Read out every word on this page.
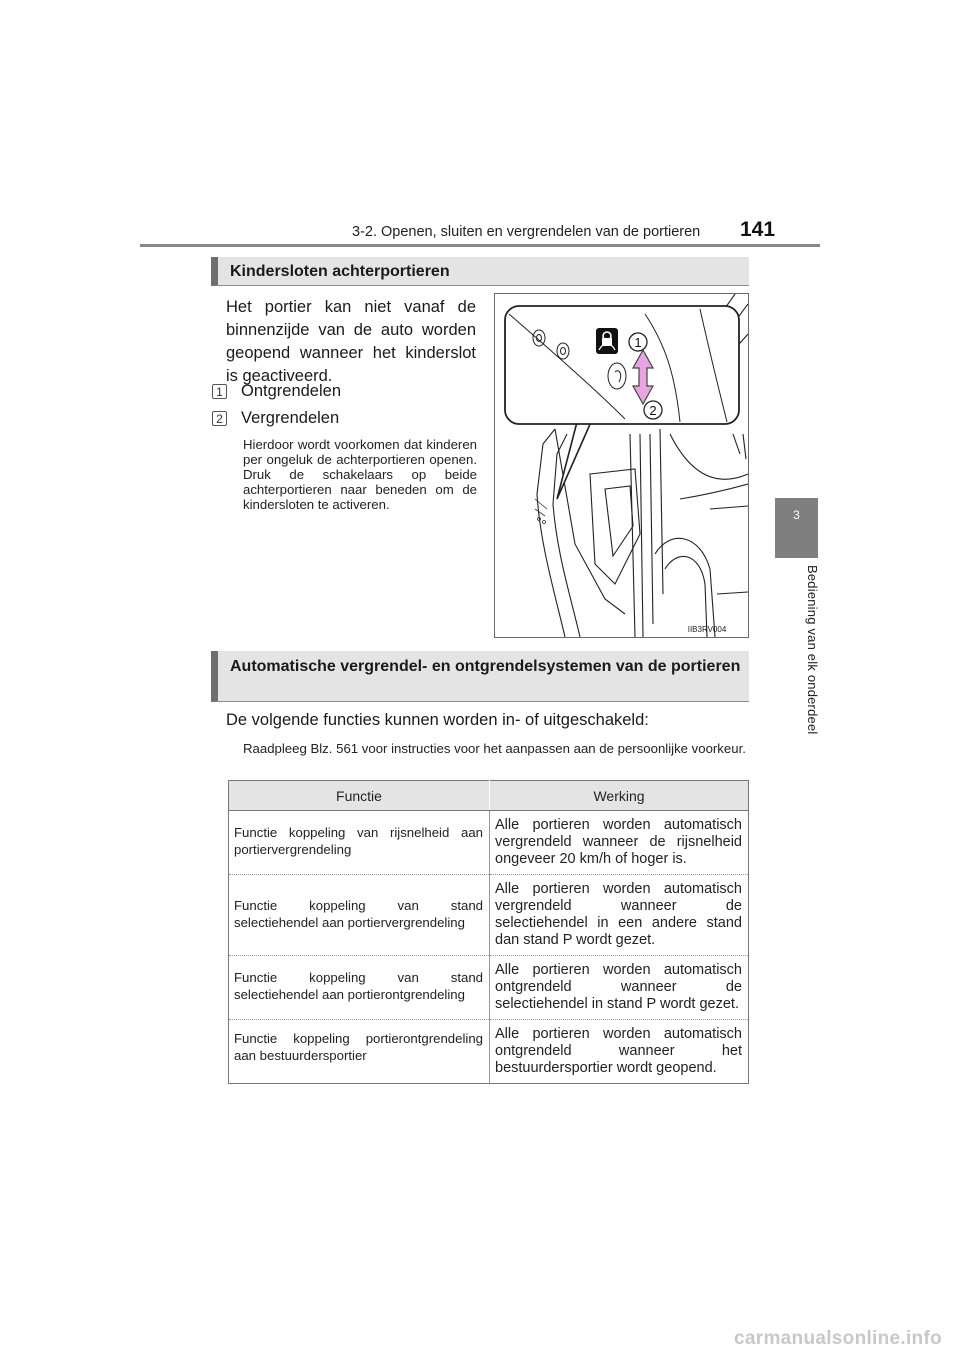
3-2. Openen, sluiten en vergrendelen van de portieren 141
3
Bediening van elk onderdeel
Kindersloten achterportieren
Het portier kan niet vanaf de binnenzijde van de auto worden geopend wanneer het kinderslot is geactiveerd.
1 Ontgrendelen
2 Vergrendelen
Hierdoor wordt voorkomen dat kinderen per ongeluk de achterportieren openen. Druk de schakelaars op beide achterportieren naar beneden om de kindersloten te activeren.
1
2
IIB3RV004
Automatische vergrendel- en ontgrendelsystemen van de portieren
De volgende functies kunnen worden in- of uitgeschakeld:
Raadpleeg Blz. 561 voor instructies voor het aanpassen aan de persoonlijke voorkeur.
Functie	Werking
Functie koppeling van rijsnelheid aan portiervergrendeling	Alle portieren worden automatisch vergrendeld wanneer de rijsnelheid ongeveer 20 km/h of hoger is.
Functie koppeling van stand selectiehendel aan portiervergrendeling	Alle portieren worden automatisch vergrendeld wanneer de selectiehendel in een andere stand dan stand P wordt gezet.
Functie koppeling van stand selectiehendel aan portierontgrendeling	Alle portieren worden automatisch ontgrendeld wanneer de selectiehendel in stand P wordt gezet.
Functie koppeling portierontgrendeling aan bestuurdersportier	Alle portieren worden automatisch ontgrendeld wanneer het bestuurdersportier wordt geopend.
carmanualsonline.info
